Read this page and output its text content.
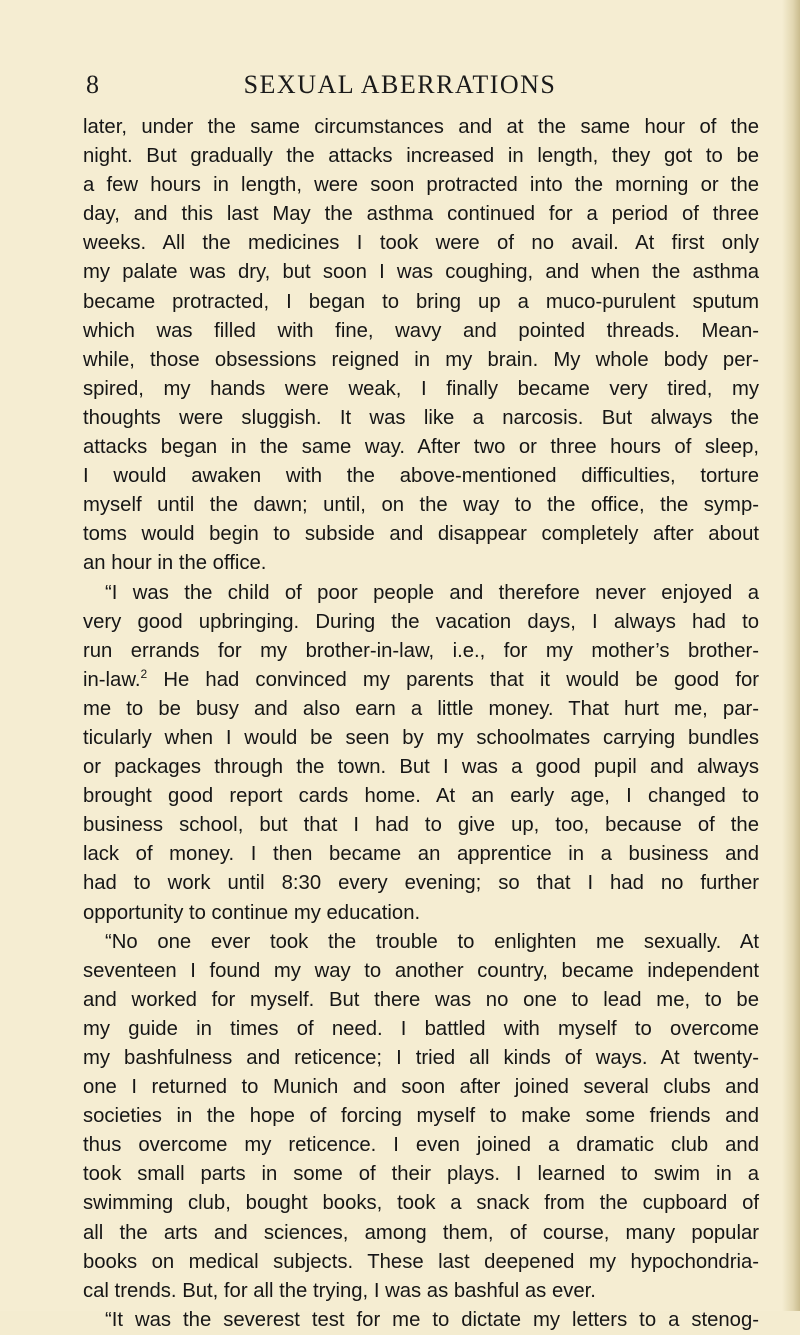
8	SEXUAL ABERRATIONS
later, under the same circumstances and at the same hour of the
night. But gradually the attacks increased in length, they got to be
a few hours in length, were soon protracted into the morning or the
day, and this last May the asthma continued for a period of three
weeks. All the medicines I took were of no avail. At first only
my palate was dry, but soon I was coughing, and when the asthma
became protracted, I began to bring up a muco-purulent sputum
which was filled with fine, wavy and pointed threads. Mean-
while, those obsessions reigned in my brain. My whole body per-
spired, my hands were weak, I finally became very tired, my
thoughts were sluggish. It was like a narcosis. But always the
attacks began in the same way. After two or three hours of sleep,
I would awaken with the above-mentioned difficulties, torture
myself until the dawn; until, on the way to the office, the symp-
toms would begin to subside and disappear completely after about
an hour in the office.
“I was the child of poor people and therefore never enjoyed a
very good upbringing. During the vacation days, I always had to
run errands for my brother-in-law, i.e., for my mother’s brother-
in-law.$^2$ He had convinced my parents that it would be good for
me to be busy and also earn a little money. That hurt me, par-
ticularly when I would be seen by my schoolmates carrying bundles
or packages through the town. But I was a good pupil and always
brought good report cards home. At an early age, I changed to
business school, but that I had to give up, too, because of the
lack of money. I then became an apprentice in a business and
had to work until 8:30 every evening; so that I had no further
opportunity to continue my education.
“No one ever took the trouble to enlighten me sexually. At
seventeen I found my way to another country, became independent
and worked for myself. But there was no one to lead me, to be
my guide in times of need. I battled with myself to overcome
my bashfulness and reticence; I tried all kinds of ways. At twenty-
one I returned to Munich and soon after joined several clubs and
societies in the hope of forcing myself to make some friends and
thus overcome my reticence. I even joined a dramatic club and
took small parts in some of their plays. I learned to swim in a
swimming club, bought books, took a snack from the cupboard of
all the arts and sciences, among them, of course, many popular
books on medical subjects. These last deepened my hypochondria-
cal trends. But, for all the trying, I was as bashful as ever.
“It was the severest test for me to dictate my letters to a stenog-
